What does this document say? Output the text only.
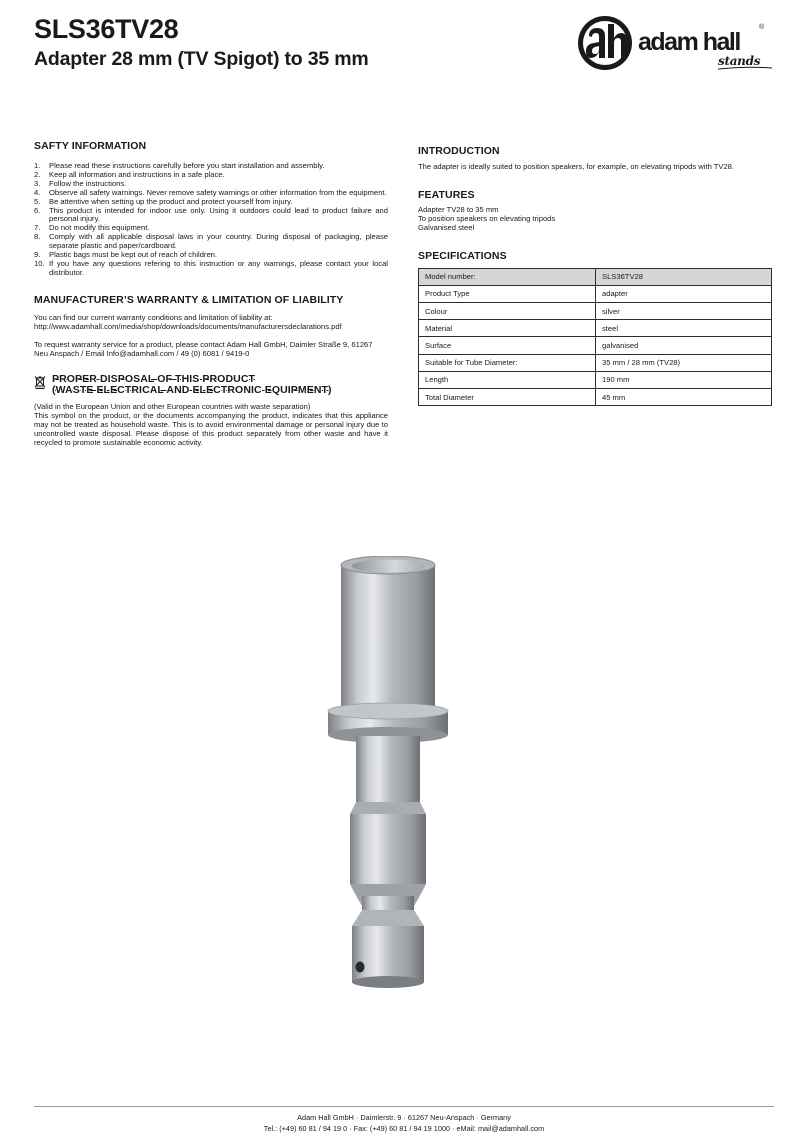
SLS36TV28
Adapter 28 mm (TV Spigot) to 35 mm
adam hall
®
stands
SAFTY INFORMATION
1. Please read these instructions carefully before you start installation and assembly.
2. Keep all information and instructions in a safe place.
3. Follow the instructions.
4. Observe all safety warnings. Never remove safety warnings or other information from the equipment.
5. Be attentive when setting up the product and protect yourself from injury.
6. This product is intended for indoor use only. Using it outdoors could lead to product failure and personal injury.
7. Do not modify this equipment.
8. Comply with all applicable disposal laws in your country. During disposal of packaging, please separate plastic and paper/cardboard.
9. Plastic bags must be kept out of reach of children.
10. If you have any questions refering to this instruction or any warnings, please contact your local distributor.
MANUFACTURER’S WARRANTY & LIMITATION OF LIABILITY

You can find our current warranty conditions and limitation of liability at: http://www.adamhall.com/media/shop/downloads/documents/manufacturersdeclarations.pdf

To request warranty service for a product, please contact Adam Hall GmbH, Daimler Straße 9, 61267 Neu Anspach / Email Info@adamhall.com / 49 (0) 6081 / 9419-0

PROPER DISPOSAL OF THIS PRODUCT
(WASTE ELECTRICAL AND ELECTRONIC EQUIPMENT)

(Valid in the European Union and other European countries with waste separation)
This symbol on the product, or the documents accompanying the product, indicates that this appliance may not be treated as household waste. This is to avoid environmental damage or personal injury due to uncontrolled waste disposal. Please dispose of this product separately from other waste and have it recycled to promote sustainable economic activity.

INTRODUCTION

The adapter is ideally suited to position speakers, for example, on elevating tripods with TV28.

FEATURES

Adapter TV28 to 35 mm

To position speakers on elevating tripods

Galvanised steel

SPECIFICATIONS
Model number:	SLS36TV28
Product Type	adapter
Colour	silver
Material	steel
Surface	galvanised
Suitable for Tube Diameter:	35 mm / 28 mm (TV28)
Length	190 mm
Total Diameter	45 mm
Adam Hall GmbH · Daimlerstr. 9 · 61267 Neu-Anspach · Germany
Tel.: (+49) 60 81 / 94 19 0 · Fax: (+49) 60 81 / 94 19 1000 · eMail: mail@adamhall.com
